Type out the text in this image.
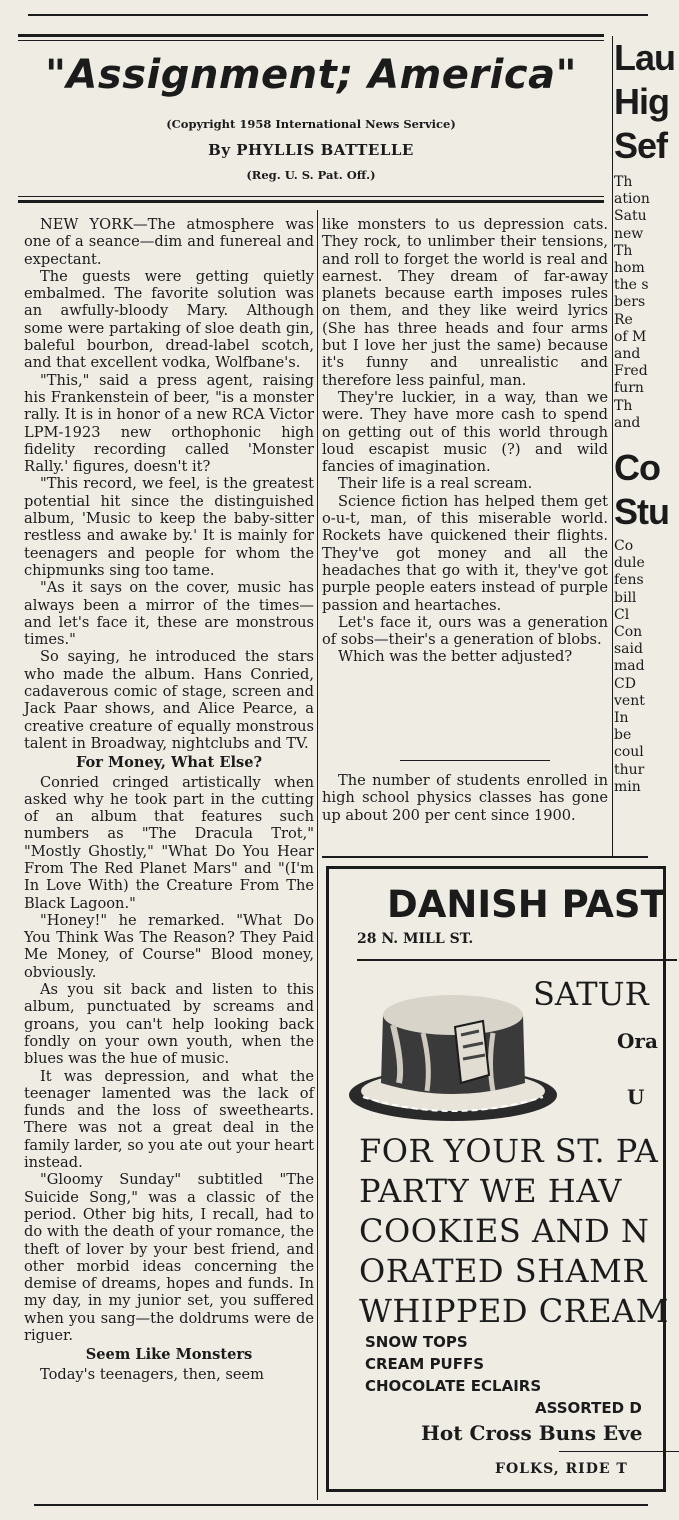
"Assignment; America"
(Copyright 1958 International News Service)
By PHYLLIS BATTELLE
(Reg. U. S. Pat. Off.)

NEW YORK—The atmosphere was one of a seance—dim and funereal and expectant.

The guests were getting quietly embalmed. The favorite solution was an awfully-bloody Mary. Although some were partaking of sloe death gin, baleful bourbon, dread-label scotch, and that excellent vodka, Wolfbane's.

"This," said a press agent, raising his Frankenstein of beer, "is a monster rally. It is in honor of a new RCA Victor LPM-1923 new orthophonic high fidelity recording called 'Monster Rally.' figures, doesn't it?

"This record, we feel, is the greatest potential hit since the distinguished album, 'Music to keep the baby-sitter restless and awake by.' It is mainly for teenagers and people for whom the chipmunks sing too tame.

"As it says on the cover, music has always been a mirror of the times—and let's face it, these are monstrous times."

So saying, he introduced the stars who made the album. Hans Conried, cadaverous comic of stage, screen and Jack Paar shows, and Alice Pearce, a creative creature of equally monstrous talent in Broadway, nightclubs and TV.

For Money, What Else?

Conried cringed artistically when asked why he took part in the cutting of an album that features such numbers as "The Dracula Trot," "Mostly Ghostly," "What Do You Hear From The Red Planet Mars" and "(I'm In Love With) the Creature From The Black Lagoon."

"Honey!" he remarked. "What Do You Think Was The Reason? They Paid Me Money, of Course" Blood money, obviously.

As you sit back and listen to this album, punctuated by screams and groans, you can't help looking back fondly on your own youth, when the blues was the hue of music.

It was depression, and what the teenager lamented was the lack of funds and the loss of sweethearts. There was not a great deal in the family larder, so you ate out your heart instead.

"Gloomy Sunday" subtitled "The Suicide Song," was a classic of the period. Other big hits, I recall, had to do with the death of your romance, the theft of lover by your best friend, and other morbid ideas concerning the demise of dreams, hopes and funds. In my day, in my junior set, you suffered when you sang—the doldrums were de riguer.

Seem Like Monsters

Today's teenagers, then, seem

like monsters to us depression cats. They rock, to unlimber their tensions, and roll to forget the world is real and earnest. They dream of far-away planets because earth imposes rules on them, and they like weird lyrics (She has three heads and four arms but I love her just the same) because it's funny and unrealistic and therefore less painful, man.

They're luckier, in a way, than we were. They have more cash to spend on getting out of this world through loud escapist music (?) and wild fancies of imagination.

Their life is a real scream.

Science fiction has helped them get o-u-t, man, of this miserable world. Rockets have quickened their flights. They've got money and all the headaches that go with it, they've got purple people eaters instead of purple passion and heartaches.

Let's face it, ours was a generation of sobs—their's a generation of blobs.

Which was the better adjusted?

The number of students enrolled in high school physics classes has gone up about 200 per cent since 1900.

Lau
Hig
Sef
Th
ation
Satu
new
Th
hom
the s
bers
Re
of M
and
Fred
furn
Th
and
Co
Stu
Co
dule
fens
bill
Cl
Con
said
mad
CD
vent
In
be
coul
thur
min
DANISH PAST
28 N. MILL ST.
SATUR
Ora
U
FOR YOUR ST. PA
PARTY WE HAV
COOKIES AND N
ORATED SHAMR
WHIPPED CREAM
SNOW TOPS
CREAM PUFFS
CHOCOLATE ECLAIRS
ASSORTED D
Hot Cross Buns Eve
FOLKS, RIDE T
